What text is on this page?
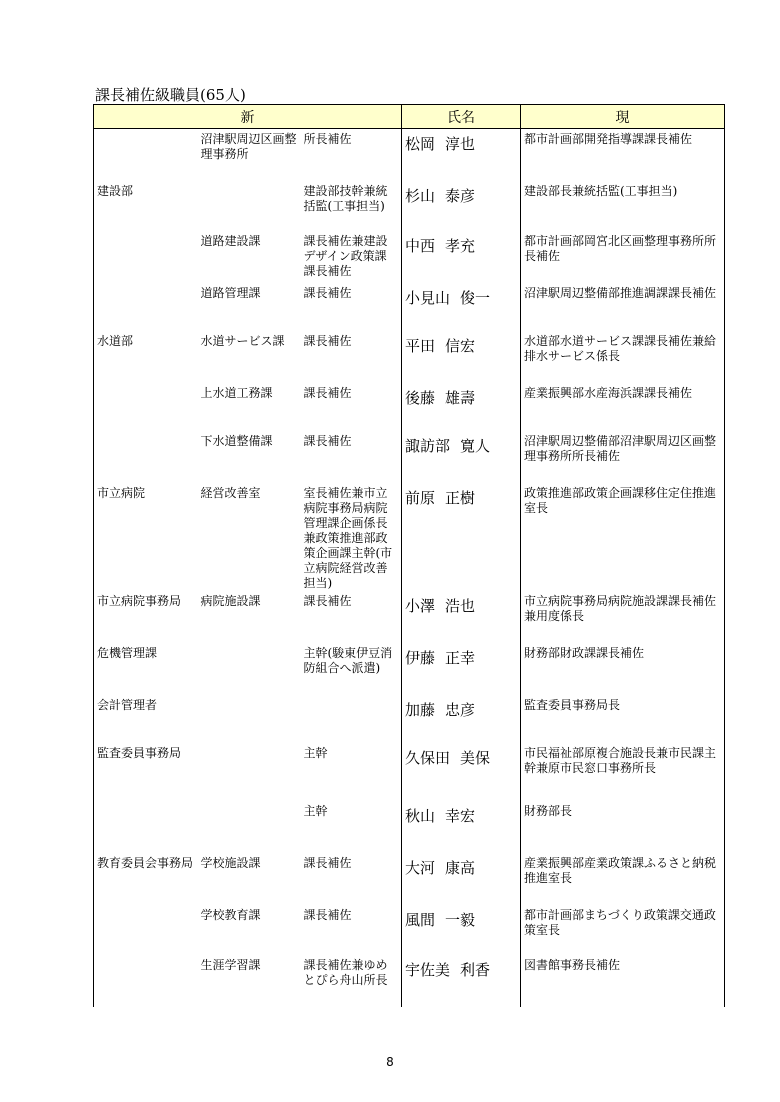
課長補佐級職員(65人)
新			氏名	現
	沼津駅周辺区画整理事務所	所長補佐	松岡 淳也	都市計画部開発指導課課長補佐
建設部		建設部技幹兼統括監(工事担当)	杉山 泰彦	建設部長兼統括監(工事担当)
	道路建設課	課長補佐兼建設デザイン政策課課長補佐	中西 孝充	都市計画部岡宮北区画整理事務所所長補佐
	道路管理課	課長補佐	小見山 俊一	沼津駅周辺整備部推進調課課長補佐
水道部	水道サービス課	課長補佐	平田 信宏	水道部水道サービス課課長補佐兼給排水サービス係長
	上水道工務課	課長補佐	後藤 雄壽	産業振興部水産海浜課課長補佐
	下水道整備課	課長補佐	諏訪部 寛人	沼津駅周辺整備部沼津駅周辺区画整理事務所所長補佐
市立病院	経営改善室	室長補佐兼市立病院事務局病院管理課企画係長兼政策推進部政策企画課主幹(市立病院経営改善担当)	前原 正樹	政策推進部政策企画課移住定住推進室長
市立病院事務局	病院施設課	課長補佐	小澤 浩也	市立病院事務局病院施設課課長補佐兼用度係長
危機管理課		主幹(駿東伊豆消防組合へ派遣)	伊藤 正幸	財務部財政課課長補佐
会計管理者			加藤 忠彦	監査委員事務局長
監査委員事務局		主幹	久保田 美保	市民福祉部原複合施設長兼市民課主幹兼原市民窓口事務所長
		主幹	秋山 幸宏	財務部長
教育委員会事務局	学校施設課	課長補佐	大河 康高	産業振興部産業政策課ふるさと納税推進室長
	学校教育課	課長補佐	風間 一毅	都市計画部まちづくり政策課交通政策室長
	生涯学習課	課長補佐兼ゆめとぴら舟山所長	宇佐美 利香	図書館事務長補佐
8
